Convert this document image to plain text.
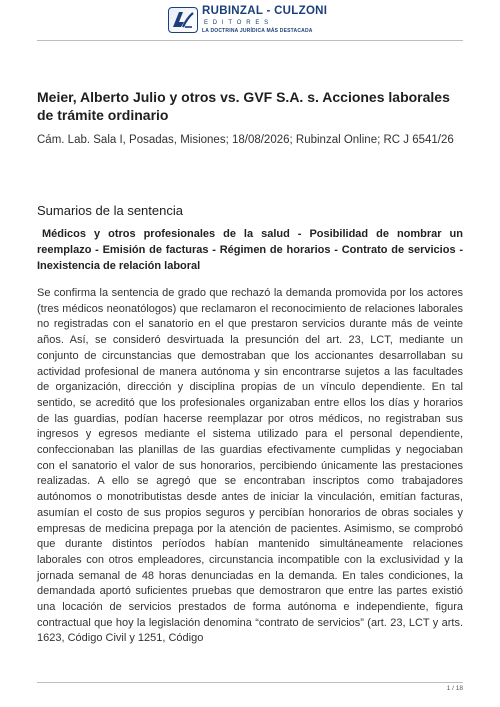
RUBINZAL - CULZONI
EDITORES
LA DOCTRINA JURÍDICA MÁS DESTACADA
Meier, Alberto Julio y otros vs. GVF S.A. s. Acciones laborales de trámite ordinario

Cám. Lab. Sala I, Posadas, Misiones; 18/08/2026; Rubinzal Online; RC J 6541/26

Sumarios de la sentencia

Médicos y otros profesionales de la salud - Posibilidad de nombrar un reemplazo - Emisión de facturas - Régimen de horarios - Contrato de servicios - Inexistencia de relación laboral

Se confirma la sentencia de grado que rechazó la demanda promovida por los actores (tres médicos neonatólogos) que reclamaron el reconocimiento de relaciones laborales no registradas con el sanatorio en el que prestaron servicios durante más de veinte años. Así, se consideró desvirtuada la presunción del art. 23, LCT, mediante un conjunto de circunstancias que demostraban que los accionantes desarrollaban su actividad profesional de manera autónoma y sin encontrarse sujetos a las facultades de organización, dirección y disciplina propias de un vínculo dependiente. En tal sentido, se acreditó que los profesionales organizaban entre ellos los días y horarios de las guardias, podían hacerse reemplazar por otros médicos, no registraban sus ingresos y egresos mediante el sistema utilizado para el personal dependiente, confeccionaban las planillas de las guardias efectivamente cumplidas y negociaban con el sanatorio el valor de sus honorarios, percibiendo únicamente las prestaciones realizadas. A ello se agregó que se encontraban inscriptos como trabajadores autónomos o monotributistas desde antes de iniciar la vinculación, emitían facturas, asumían el costo de sus propios seguros y percibían honorarios de obras sociales y empresas de medicina prepaga por la atención de pacientes. Asimismo, se comprobó que durante distintos períodos habían mantenido simultáneamente relaciones laborales con otros empleadores, circunstancia incompatible con la exclusividad y la jornada semanal de 48 horas denunciadas en la demanda. En tales condiciones, la demandada aportó suficientes pruebas que demostraron que entre las partes existió una locación de servicios prestados de forma autónoma e independiente, figura contractual que hoy la legislación denomina “contrato de servicios” (art. 23, LCT y arts. 1623, Código Civil y 1251, Código

1 / 18
